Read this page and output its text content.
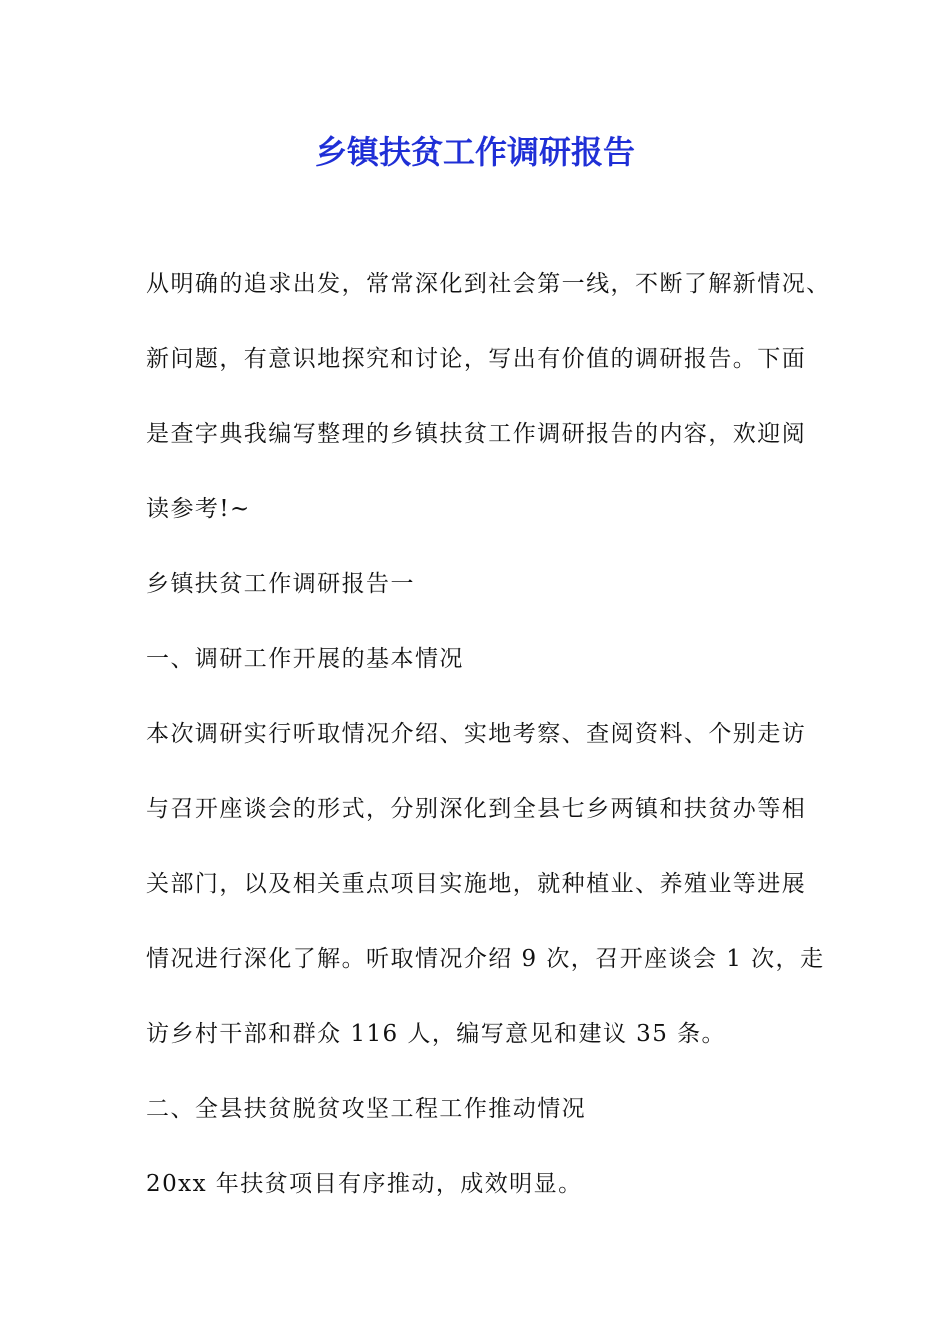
乡镇扶贫工作调研报告

从明确的追求出发，常常深化到社会第一线，不断了解新情况、

新问题，有意识地探究和讨论，写出有价值的调研报告。下面

是查字典我编写整理的乡镇扶贫工作调研报告的内容，欢迎阅

读参考!~

乡镇扶贫工作调研报告一

一、调研工作开展的基本情况

本次调研实行听取情况介绍、实地考察、查阅资料、个别走访

与召开座谈会的形式，分别深化到全县七乡两镇和扶贫办等相

关部门，以及相关重点项目实施地，就种植业、养殖业等进展

情况进行深化了解。听取情况介绍 9 次，召开座谈会 1 次，走

访乡村干部和群众 116 人，编写意见和建议 35 条。

二、全县扶贫脱贫攻坚工程工作推动情况

20xx 年扶贫项目有序推动，成效明显。
